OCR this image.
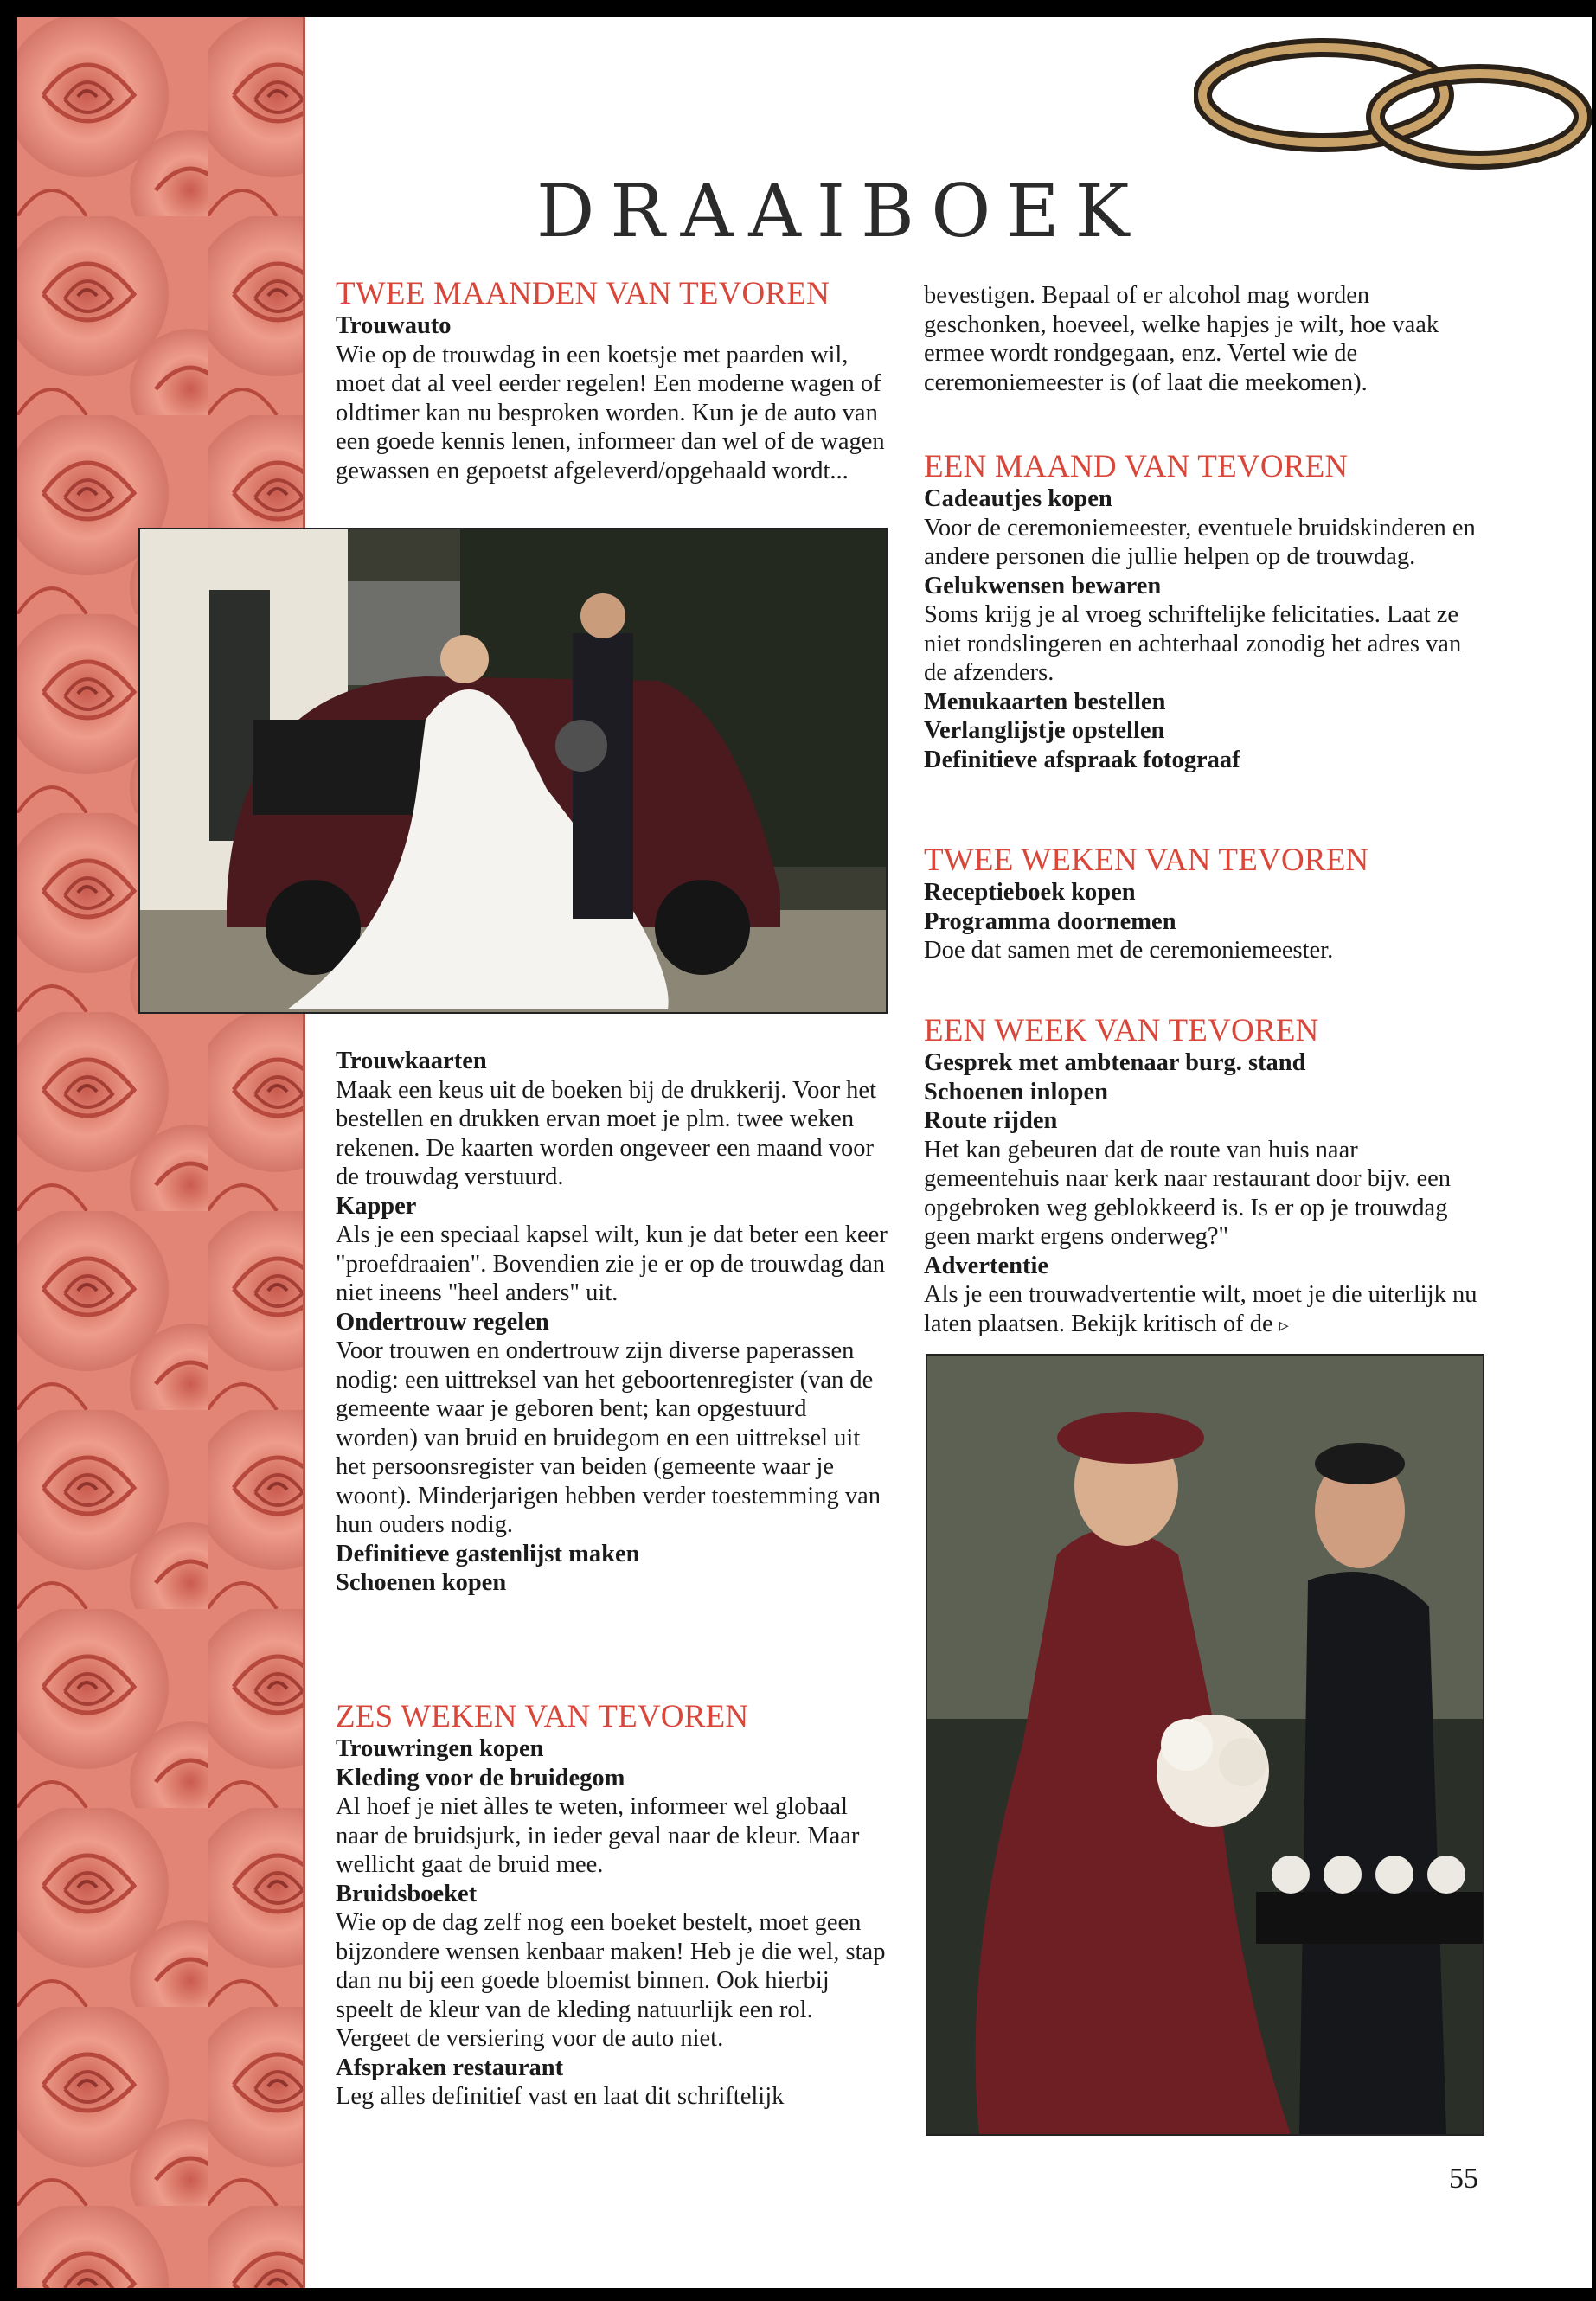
DRAAIBOEK
TWEE MAANDEN VAN TEVOREN

Trouwauto

Wie op de trouwdag in een koetsje met paarden wil, moet dat al veel eerder regelen! Een moderne wagen of oldtimer kan nu besproken worden. Kun je de auto van een goede kennis lenen, informeer dan wel of de wagen gewassen en gepoetst afgeleverd/opgehaald wordt...

Trouwkaarten

Maak een keus uit de boeken bij de drukkerij. Voor het bestellen en drukken ervan moet je plm. twee weken rekenen. De kaarten worden ongeveer een maand voor de trouwdag verstuurd.

Kapper

Als je een speciaal kapsel wilt, kun je dat beter een keer "proefdraaien". Bovendien zie je er op de trouwdag dan niet ineens "heel anders" uit.

Ondertrouw regelen

Voor trouwen en ondertrouw zijn diverse paperassen nodig: een uittreksel van het geboortenregister (van de gemeente waar je geboren bent; kan opgestuurd worden) van bruid en bruidegom en een uittreksel uit het persoonsregister van beiden (gemeente waar je woont). Minderjarigen hebben verder toestemming van hun ouders nodig.

Definitieve gastenlijst maken

Schoenen kopen

ZES WEKEN VAN TEVOREN

Trouwringen kopen

Kleding voor de bruidegom

Al hoef je niet àlles te weten, informeer wel globaal naar de bruidsjurk, in ieder geval naar de kleur. Maar wellicht gaat de bruid mee.

Bruidsboeket

Wie op de dag zelf nog een boeket bestelt, moet geen bijzondere wensen kenbaar maken! Heb je die wel, stap dan nu bij een goede bloemist binnen. Ook hierbij speelt de kleur van de kleding natuurlijk een rol. Vergeet de versiering voor de auto niet.

Afspraken restaurant

Leg alles definitief vast en laat dit schriftelijk

bevestigen. Bepaal of er alcohol mag worden geschonken, hoeveel, welke hapjes je wilt, hoe vaak ermee wordt rondgegaan, enz. Vertel wie de ceremoniemeester is (of laat die meekomen).

EEN MAAND VAN TEVOREN

Cadeautjes kopen

Voor de ceremoniemeester, eventuele bruidskinderen en andere personen die jullie helpen op de trouwdag.

Gelukwensen bewaren

Soms krijg je al vroeg schriftelijke felicitaties. Laat ze niet rondslingeren en achterhaal zonodig het adres van de afzenders.

Menukaarten bestellen

Verlanglijstje opstellen

Definitieve afspraak fotograaf

TWEE WEKEN VAN TEVOREN

Receptieboek kopen

Programma doornemen

Doe dat samen met de ceremoniemeester.

EEN WEEK VAN TEVOREN

Gesprek met ambtenaar burg. stand

Schoenen inlopen

Route rijden

Het kan gebeuren dat de route van huis naar gemeentehuis naar kerk naar restaurant door bijv. een opgebroken weg geblokkeerd is. Is er op je trouwdag geen markt ergens onderweg?"

Advertentie

Als je een trouwadvertentie wilt, moet je die uiterlijk nu laten plaatsen. Bekijk kritisch of de ▹

55
